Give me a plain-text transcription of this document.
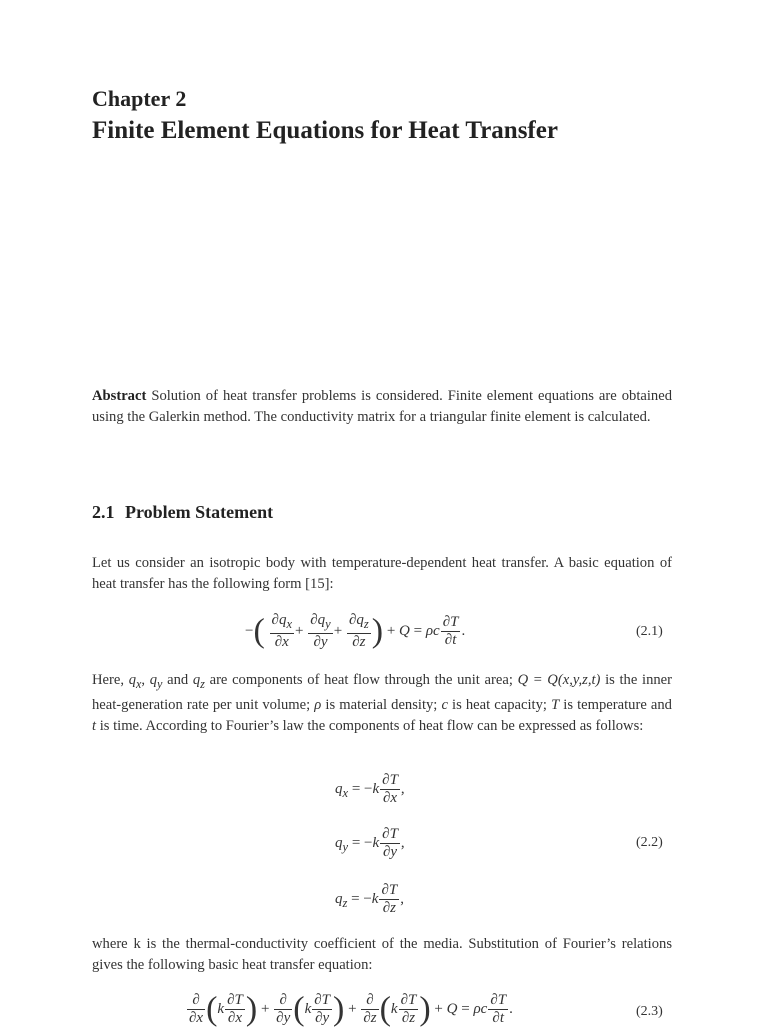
Chapter 2
Finite Element Equations for Heat Transfer
Abstract Solution of heat transfer problems is considered. Finite element equations are obtained using the Galerkin method. The conductivity matrix for a triangular finite element is calculated.
2.1 Problem Statement
Let us consider an isotropic body with temperature-dependent heat transfer. A basic equation of heat transfer has the following form [15]:
−( $\frac{\partial q_x}{\partial x} + \frac{\partial q_y}{\partial y} + \frac{\partial q_z}{\partial z}$ ) + Q = ρc $\frac{\partial T}{\partial t}$ .	(2.1)
Here, $q_x$, $q_y$ and $q_z$ are components of heat flow through the unit area; Q = Q(x,y,z,t) is the inner heat-generation rate per unit volume; ρ is material density; c is heat capacity; T is temperature and t is time. According to Fourier’s law the components of heat flow can be expressed as follows:
$q_x = -k \frac{\partial T}{\partial x}$ ,
$q_y = -k \frac{\partial T}{\partial y}$ ,
$q_z = -k \frac{\partial T}{\partial z}$ ,
(2.2)
where k is the thermal-conductivity coefficient of the media. Substitution of Fourier’s relations gives the following basic heat transfer equation:
$\frac{\partial}{\partial x} (k \frac{\partial T}{\partial x}$ ) + $\frac{\partial}{\partial y} (k \frac{\partial T}{\partial y}$ ) + $\frac{\partial}{\partial z} (k \frac{\partial T}{\partial z}$ ) + Q = ρc $\frac{\partial T}{\partial t}$ .	(2.3)
